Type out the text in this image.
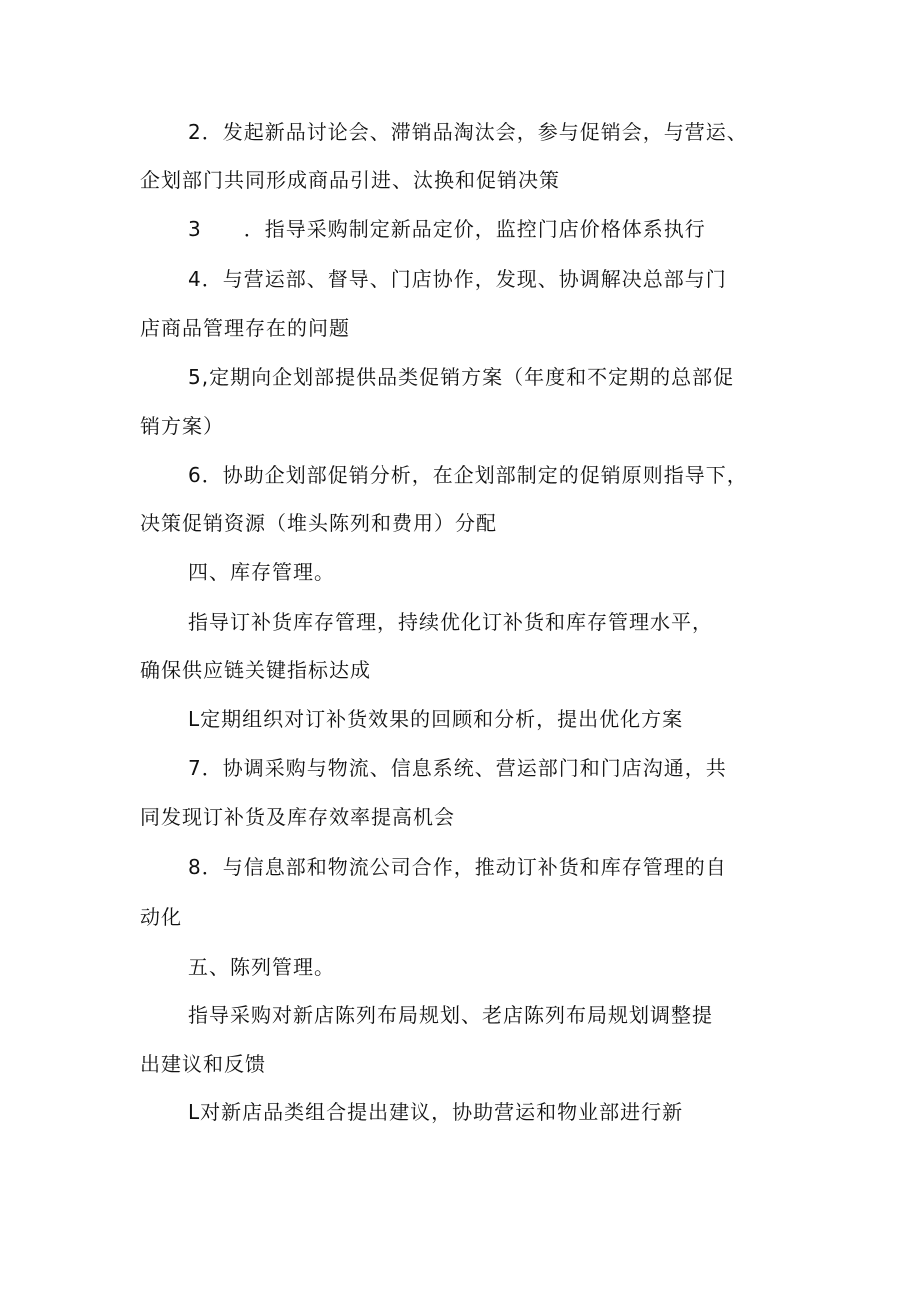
2．发起新品讨论会、滞销品淘汰会，参与促销会，与营运、
企划部门共同形成商品引进、汰换和促销决策
3　　．指导采购制定新品定价，监控门店价格体系执行
4．与营运部、督导、门店协作，发现、协调解决总部与门
店商品管理存在的问题
5,定期向企划部提供品类促销方案（年度和不定期的总部促
销方案）
6．协助企划部促销分析，在企划部制定的促销原则指导下，
决策促销资源（堆头陈列和费用）分配
四、库存管理。
指导订补货库存管理，持续优化订补货和库存管理水平，
确保供应链关键指标达成
L定期组织对订补货效果的回顾和分析，提出优化方案
7．协调采购与物流、信息系统、营运部门和门店沟通，共
同发现订补货及库存效率提高机会
8．与信息部和物流公司合作，推动订补货和库存管理的自
动化
五、陈列管理。
指导采购对新店陈列布局规划、老店陈列布局规划调整提
出建议和反馈
L对新店品类组合提出建议，协助营运和物业部进行新
